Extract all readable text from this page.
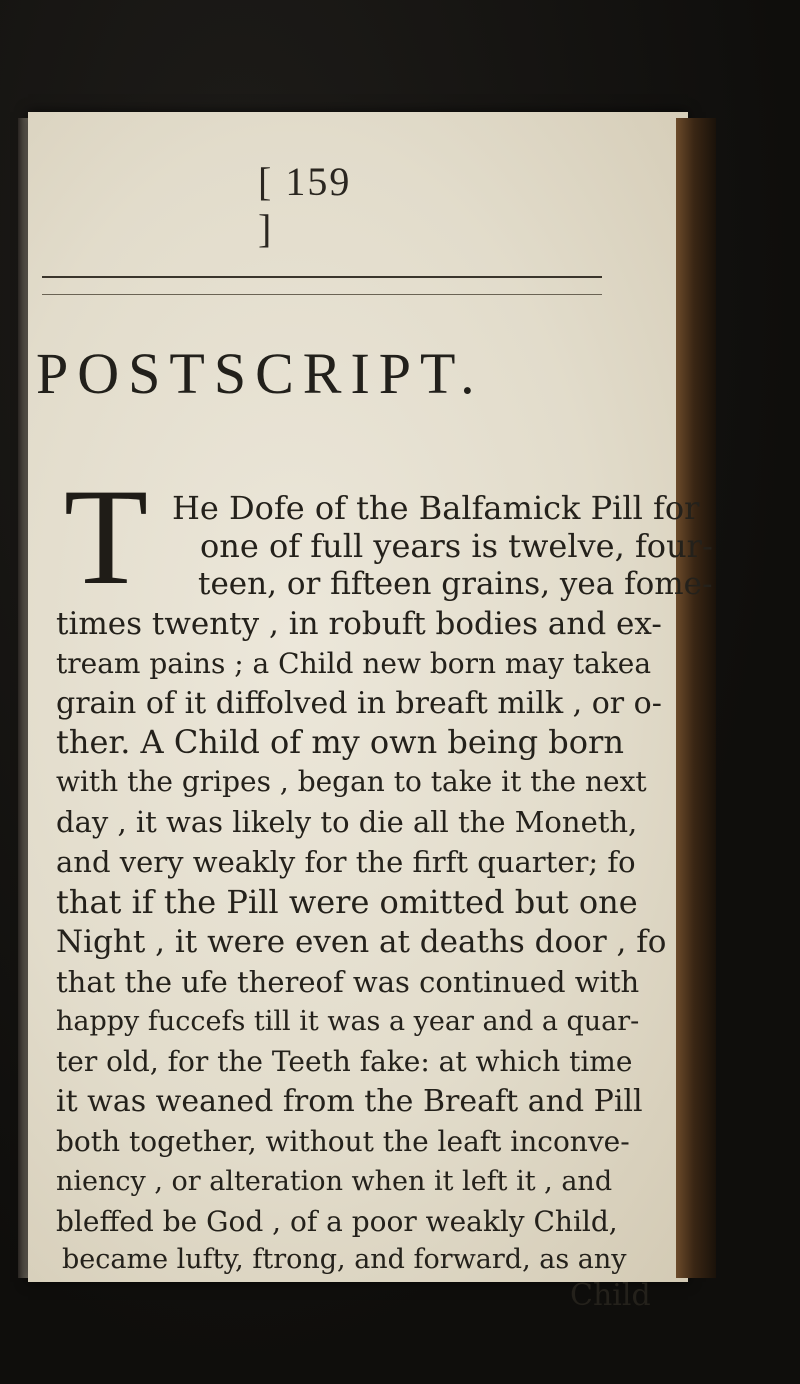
[ 159 ]
POSTSCRIPT.
T He Dofe of the Balfamick Pill for
one of full years is twelve, four-
teen, or fifteen grains, yea fome-
times twenty , in robuft bodies and ex-
tream pains ; a Child new born may takea
grain of it diffolved in breaft milk , or o-
ther. A Child of my own being born
with the gripes , began to take it the next
day , it was likely to die all the Moneth,
and very weakly for the firft quarter; fo
that if the Pill were omitted but one
Night , it were even at deaths door , fo
that the ufe thereof was continued with
happy fuccefs till it was a year and a quar-
ter old, for the Teeth fake: at which time
it was weaned from the Breaft and Pill
both together, without the leaft inconve-
niency , or alteration when it left it , and
bleffed be God , of a poor weakly Child,
became lufty, ftrong, and forward, as any
Child
